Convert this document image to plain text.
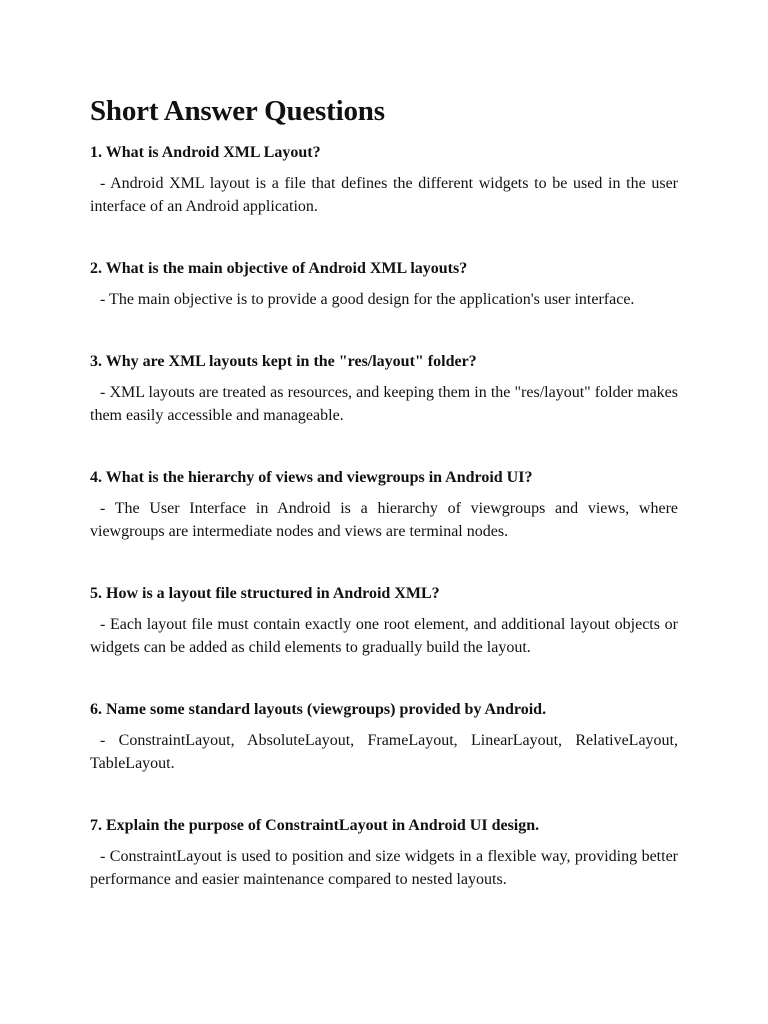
Short Answer Questions
1. What is Android XML Layout?

- Android XML layout is a file that defines the different widgets to be used in the user interface of an Android application.

2. What is the main objective of Android XML layouts?

- The main objective is to provide a good design for the application's user interface.

3. Why are XML layouts kept in the "res/layout" folder?

- XML layouts are treated as resources, and keeping them in the "res/layout" folder makes them easily accessible and manageable.

4. What is the hierarchy of views and viewgroups in Android UI?

- The User Interface in Android is a hierarchy of viewgroups and views, where viewgroups are intermediate nodes and views are terminal nodes.

5. How is a layout file structured in Android XML?

- Each layout file must contain exactly one root element, and additional layout objects or widgets can be added as child elements to gradually build the layout.

6. Name some standard layouts (viewgroups) provided by Android.

- ConstraintLayout, AbsoluteLayout, FrameLayout, LinearLayout, RelativeLayout, TableLayout.

7. Explain the purpose of ConstraintLayout in Android UI design.

- ConstraintLayout is used to position and size widgets in a flexible way, providing better performance and easier maintenance compared to nested layouts.
